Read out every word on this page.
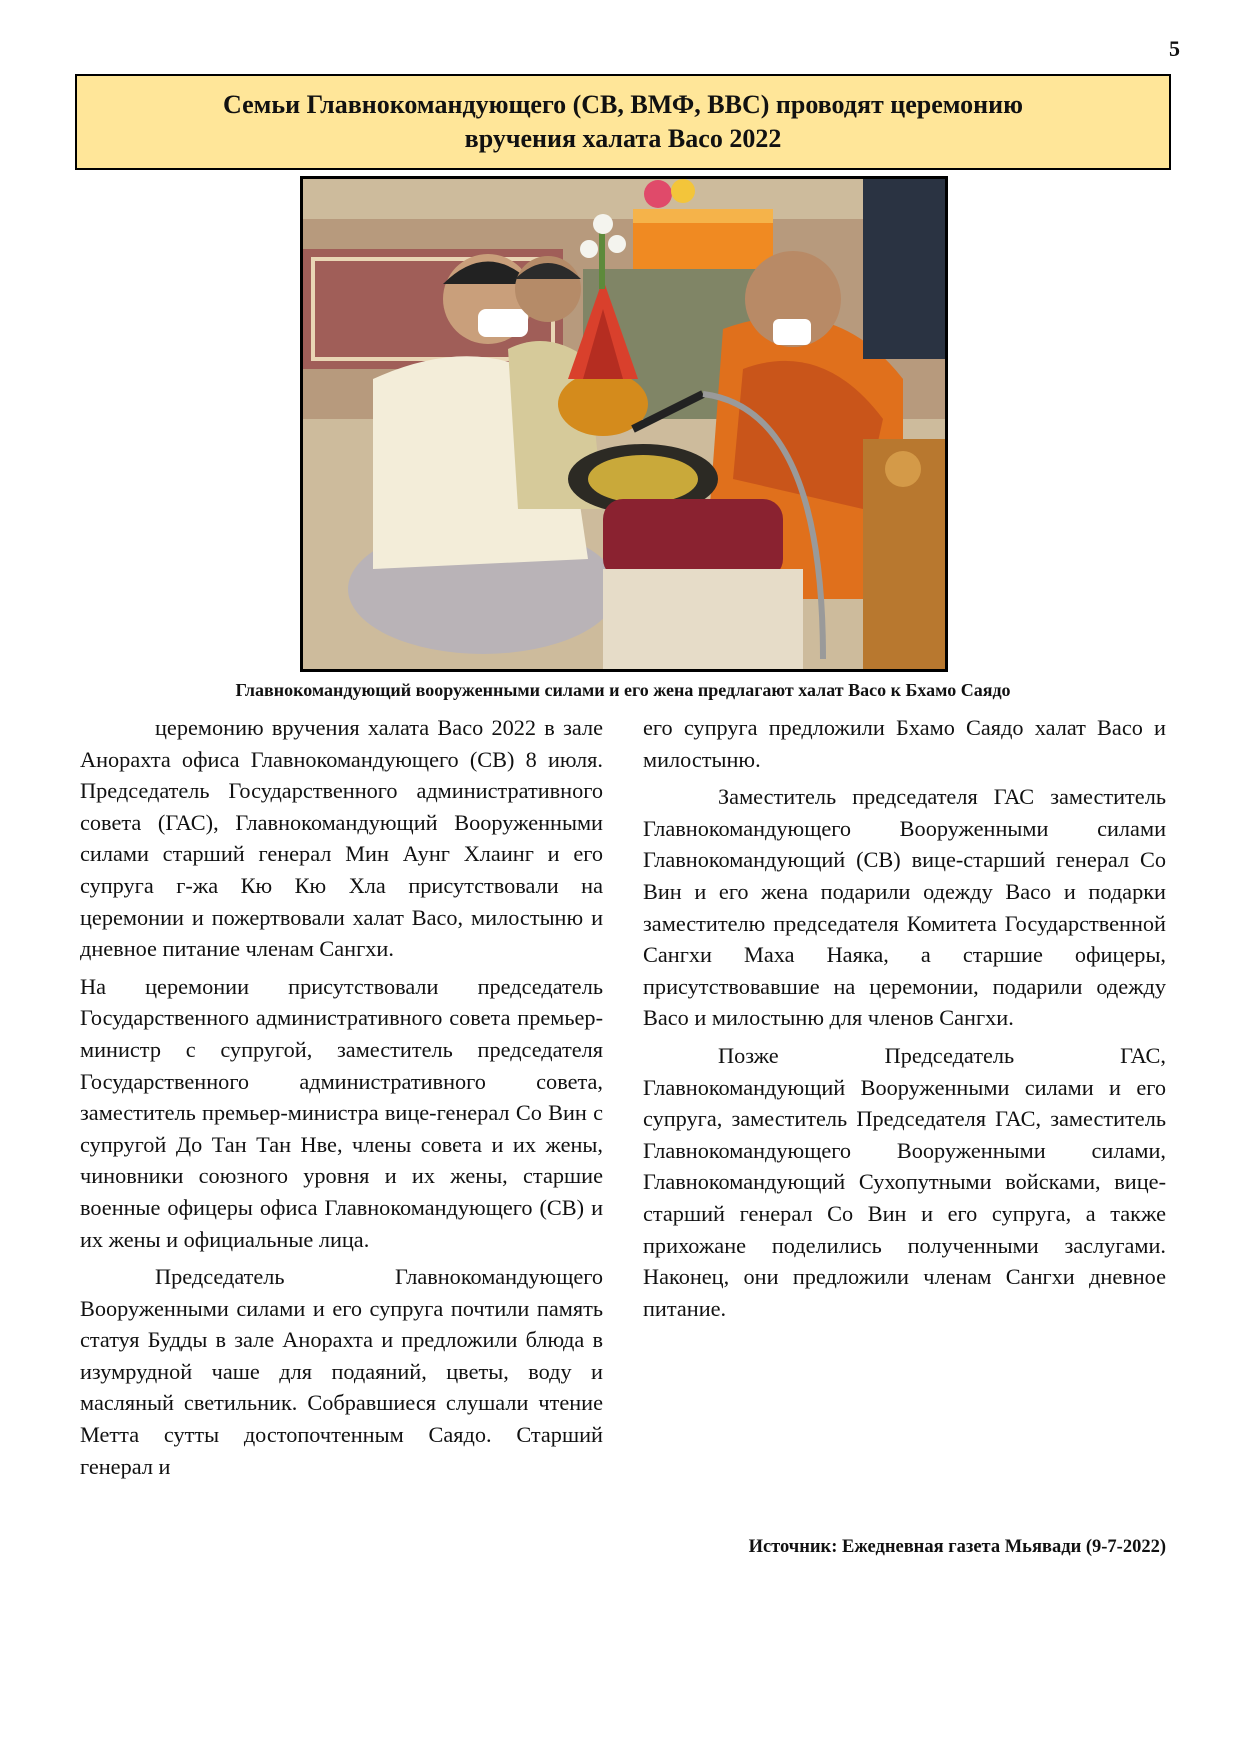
5
Семьи Главнокомандующего (СВ, ВМФ, ВВС) проводят церемонию
вручения халата Васо 2022
Главнокомандующий вооруженными силами и его жена предлагают халат Васо к Бхамо Саядо

церемонию вручения халата Васо 2022 в зале Анорахта офиса Главнокомандующего (СВ) 8 июля. Председатель Государственного административного совета (ГАС), Главнокомандующий Вооруженными силами старший генерал Мин Аунг Хлаинг и его супруга г-жа Кю Кю Хла присутствовали на церемонии и пожертвовали халат Васо, милостыню и дневное питание членам Сангхи.

На церемонии присутствовали председатель Государственного административного совета премьер-министр с супругой, заместитель председателя Государственного административного совета, заместитель премьер-министра вице-генерал Со Вин с супругой До Тан Тан Нве, члены совета и их жены, чиновники союзного уровня и их жены, старшие военные офицеры офиса Главнокомандующего (СВ) и их жены и официальные лица.

Председатель Главнокомандующего Вооруженными силами и его супруга почтили память статуя Будды в зале Анорахта и предложили блюда в изумрудной чаше для подаяний, цветы, воду и масляный светильник. Собравшиеся слушали чтение Метта сутты достопочтенным Саядо. Старший генерал и

его супруга предложили Бхамо Саядо халат Васо и милостыню.

Заместитель председателя ГАС заместитель Главнокомандующего Вооруженными силами Главнокомандующий (СВ) вице-старший генерал Со Вин и его жена подарили одежду Васо и подарки заместителю председателя Комитета Государственной Сангхи Маха Наяка, а старшие офицеры, присутствовавшие на церемонии, подарили одежду Васо и милостыню для членов Сангхи.

Позже Председатель ГАС, Главнокомандующий Вооруженными силами и его супруга, заместитель Председателя ГАС, заместитель Главнокомандующего Вооруженными силами, Главнокомандующий Сухопутными войсками, вице-старший генерал Со Вин и его супруга, а также прихожане поделились полученными заслугами. Наконец, они предложили членам Сангхи дневное питание.

Источник: Ежедневная газета Мьявади (9-7-2022)
